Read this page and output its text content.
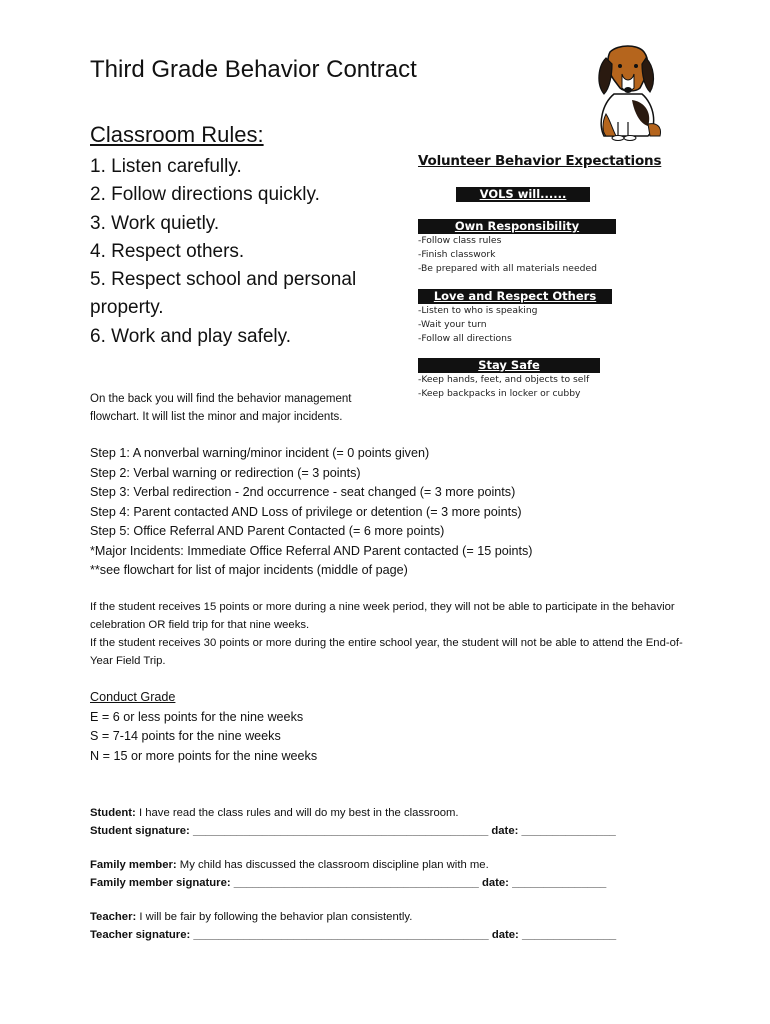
Third Grade Behavior Contract
Classroom Rules:
1. Listen carefully.
2. Follow directions quickly.
3. Work quietly.
4. Respect others.
5. Respect school and personal property.
6. Work and play safely.
Volunteer Behavior Expectations
VOLS will......
Own Responsibility
-Follow class rules
-Finish classwork
-Be prepared with all materials needed
Love and Respect Others
-Listen to who is speaking
-Wait your turn
-Follow all directions
Stay Safe
-Keep hands, feet, and objects to self
-Keep backpacks in locker or cubby
On the back you will find the behavior management flowchart. It will list the minor and major incidents.
Step 1: A nonverbal warning/minor incident (= 0 points given)
Step 2: Verbal warning or redirection (= 3 points)
Step 3: Verbal redirection - 2nd occurrence - seat changed (= 3 more points)
Step 4: Parent contacted AND Loss of privilege or detention (= 3 more points)
Step 5: Office Referral AND Parent Contacted (= 6 more points)
*Major Incidents: Immediate Office Referral AND Parent contacted (= 15 points)
**see flowchart for list of major incidents (middle of page)
If the student receives 15 points or more during a nine week period, they will not be able to participate in the behavior celebration OR field trip for that nine weeks.
If the student receives 30 points or more during the entire school year, the student will not be able to attend the End-of-Year Field Trip.
Conduct Grade
E = 6 or less points for the nine weeks
S = 7-14 points for the nine weeks
N = 15 or more points for the nine weeks
Student: I have read the class rules and will do my best in the classroom.
Student signature: _______________________________________________ date: _______________
Family member: My child has discussed the classroom discipline plan with me.
Family member signature: _______________________________________ date: _______________
Teacher: I will be fair by following the behavior plan consistently.
Teacher signature: _______________________________________________ date: _______________
